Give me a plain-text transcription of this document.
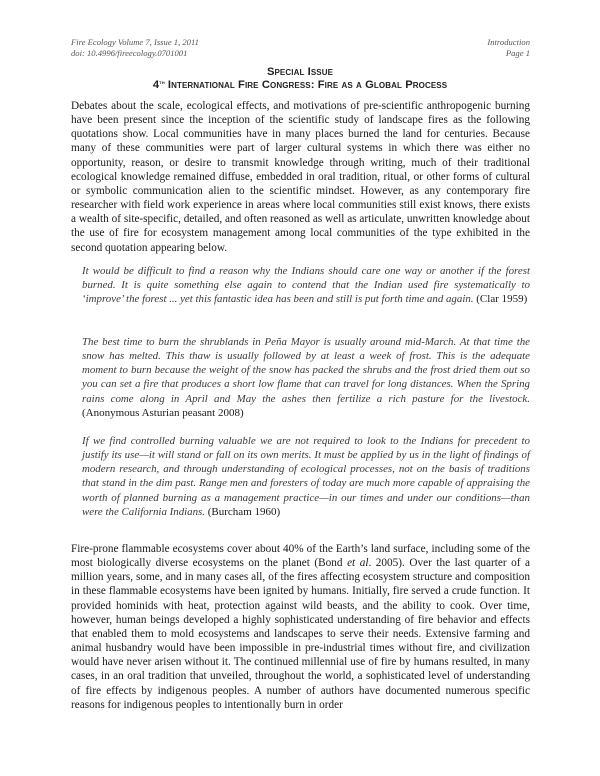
Fire Ecology Volume 7, Issue 1, 2011
doi: 10.4996/fireecology.0701001
Introduction
Page 1
Special Issue
4th International Fire Congress: Fire as a Global Process

Debates about the scale, ecological effects, and motivations of pre-scientific anthropogenic burning have been present since the inception of the scientific study of landscape fires as the following quotations show. Local communities have in many places burned the land for centuries. Because many of these communities were part of larger cultural systems in which there was either no opportunity, reason, or desire to transmit knowledge through writing, much of their traditional ecological knowledge remained diffuse, embedded in oral tradition, ritual, or other forms of cultural or symbolic communication alien to the scientific mindset. However, as any contemporary fire researcher with field work experience in areas where local communities still exist knows, there exists a wealth of site-specific, detailed, and often reasoned as well as articulate, unwritten knowledge about the use of fire for ecosystem management among local communities of the type exhibited in the second quotation appearing below.

It would be difficult to find a reason why the Indians should care one way or another if the forest burned. It is quite something else again to contend that the Indian used fire systematically to ‘improve’ the forest ... yet this fantastic idea has been and still is put forth time and again. (Clar 1959)
The best time to burn the shrublands in Peña Mayor is usually around mid-March. At that time the snow has melted. This thaw is usually followed by at least a week of frost. This is the adequate moment to burn because the weight of the snow has packed the shrubs and the frost dried them out so you can set a fire that produces a short low flame that can travel for long distances. When the Spring rains come along in April and May the ashes then fertilize a rich pasture for the livestock. (Anonymous Asturian peasant 2008)
If we find controlled burning valuable we are not required to look to the Indians for precedent to justify its use—it will stand or fall on its own merits. It must be applied by us in the light of findings of modern research, and through understanding of ecological processes, not on the basis of traditions that stand in the dim past. Range men and foresters of today are much more capable of appraising the worth of planned burning as a management practice—in our times and under our conditions—than were the California Indians. (Burcham 1960)

Fire-prone flammable ecosystems cover about 40% of the Earth’s land surface, including some of the most biologically diverse ecosystems on the planet (Bond et al. 2005). Over the last quarter of a million years, some, and in many cases all, of the fires affecting ecosystem structure and composition in these flammable ecosystems have been ignited by humans. Initially, fire served a crude function. It provided hominids with heat, protection against wild beasts, and the ability to cook. Over time, however, human beings developed a highly sophisticated understanding of fire behavior and effects that enabled them to mold ecosystems and landscapes to serve their needs. Extensive farming and animal husbandry would have been impossible in pre-industrial times without fire, and civilization would have never arisen without it. The continued millennial use of fire by humans resulted, in many cases, in an oral tradition that unveiled, throughout the world, a sophisticated level of understanding of fire effects by indigenous peoples. A number of authors have documented numerous specific reasons for indigenous peoples to intentionally burn in order
